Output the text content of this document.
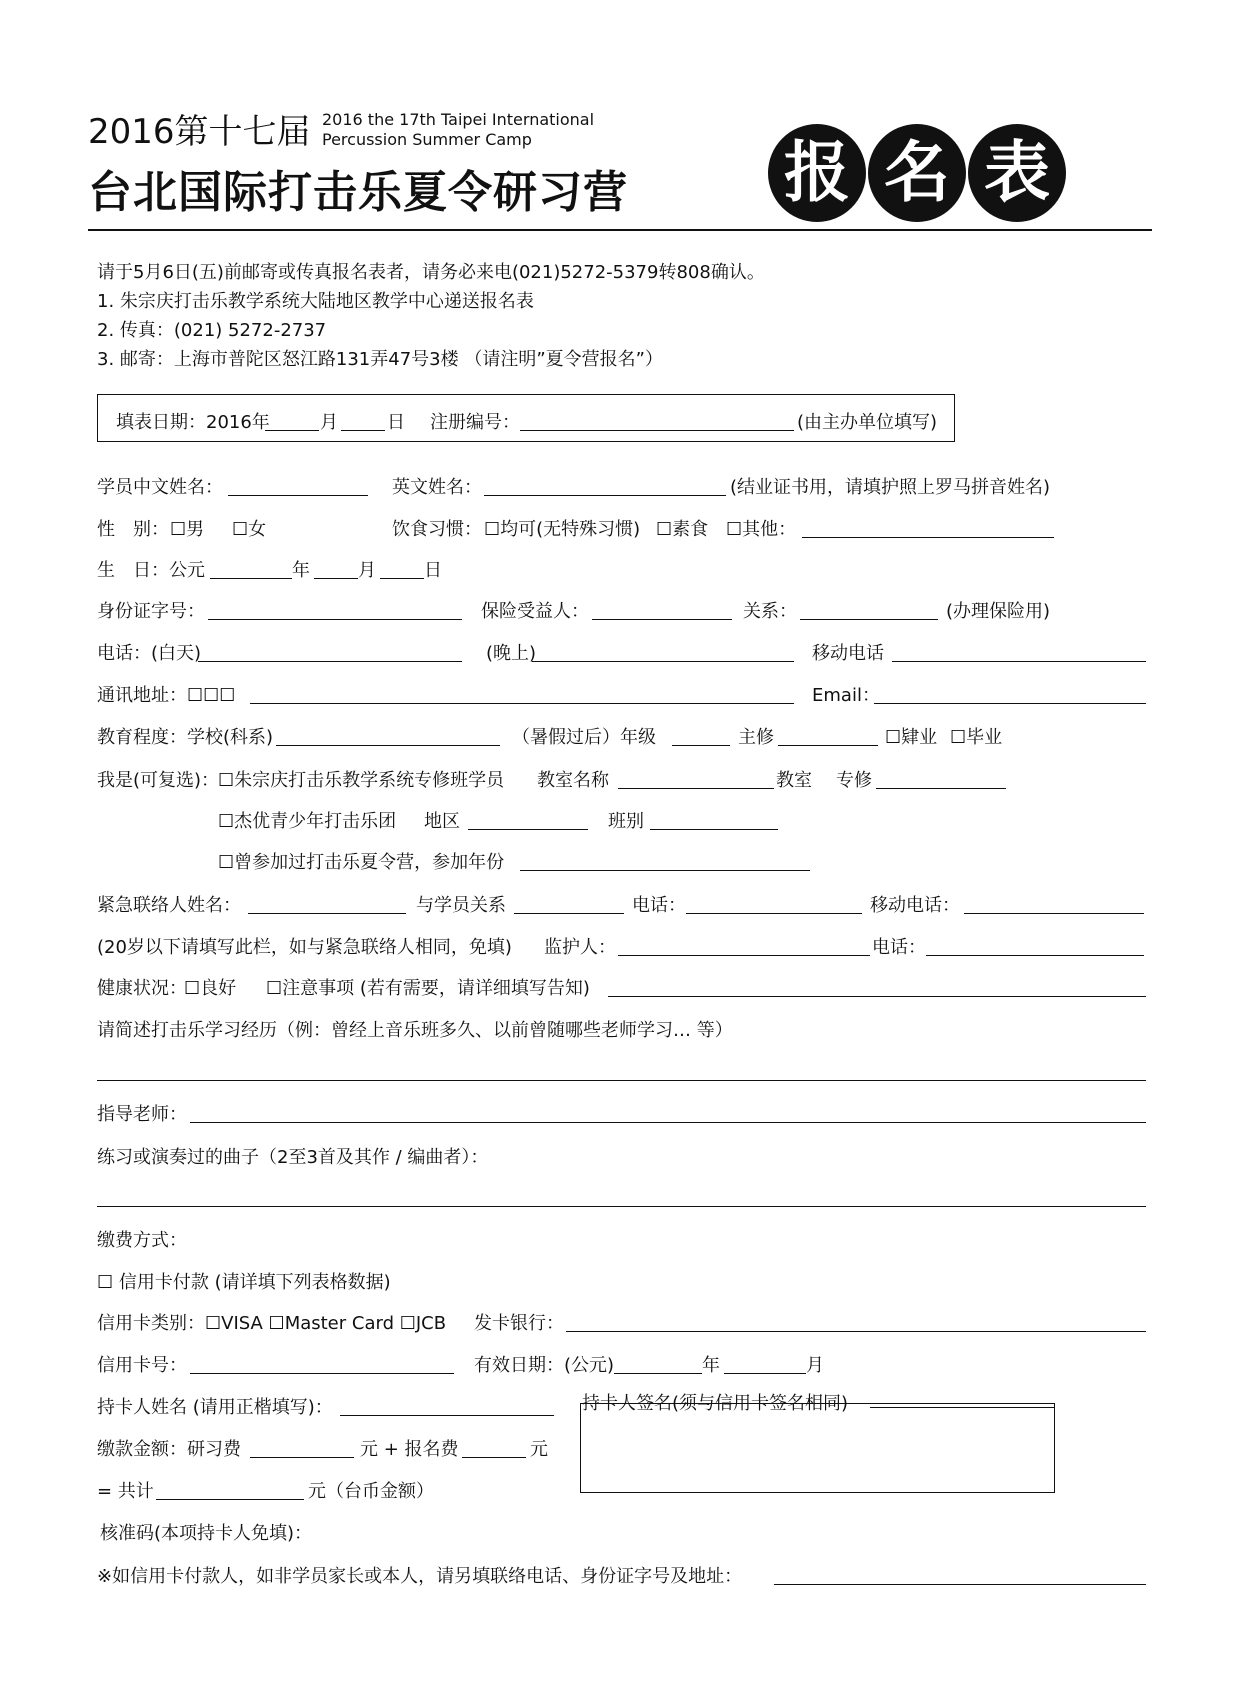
2016第十七届 2016 the 17th Taipei International
Percussion Summer Camp
台北国际打击乐夏令研习营 报 名 表
请于5月6日(五)前邮寄或传真报名表者，请务必来电(021)5272-5379转808确认。
1. 朱宗庆打击乐教学系统大陆地区教学中心递送报名表
2. 传真：(021) 5272-2737
3. 邮寄：上海市普陀区怒江路131弄47号3楼 （请注明”夏令营报名”）
填表日期：2016年	月	日 注册编号：	(由主办单位填写)
学员中文姓名：	英文姓名：	(结业证书用，请填护照上罗马拼音姓名)
性　别： ☐男 ☐女	饮食习惯： ☐均可(无特殊习惯) ☐素食 ☐其他：
生　日：公元	年	月	日
身份证字号：	保险受益人：	关系：	(办理保险用)
电话：(白天)	(晚上)	移动电话
通讯地址：☐☐☐	Email：
教育程度：学校(科系)	（暑假过后）年级	主修	☐肄业 ☐毕业
我是(可复选)：
☐朱宗庆打击乐教学系统专修班学员 教室名称	教室 专修
☐杰优青少年打击乐团 地区	班别
☐曾参加过打击乐夏令营，参加年份
紧急联络人姓名：	与学员关系	电话：	移动电话：
(20岁以下请填写此栏，如与紧急联络人相同，免填) 监护人：	电话：
健康状况：
☐良好 ☐注意事项 (若有需要，请详细填写告知)
请简述打击乐学习经历（例：曾经上音乐班多久、以前曾随哪些老师学习… 等）
指导老师：
练习或演奏过的曲子（2至3首及其作 / 编曲者）：
缴费方式：
☐ 信用卡付款 (请详填下列表格数据)
信用卡类别：☐VISA ☐Master Card ☐JCB 发卡银行：
信用卡号：	有效日期：(公元)	年	月
持卡人姓名 (请用正楷填写)：	持卡人签名(须与信用卡签名相同)
缴款金额：研习费	元 + 报名费	元
= 共计	元（台币金额）
核准码(本项持卡人免填)：
※如信用卡付款人，如非学员家长或本人，请另填联络电话、身份证字号及地址：
